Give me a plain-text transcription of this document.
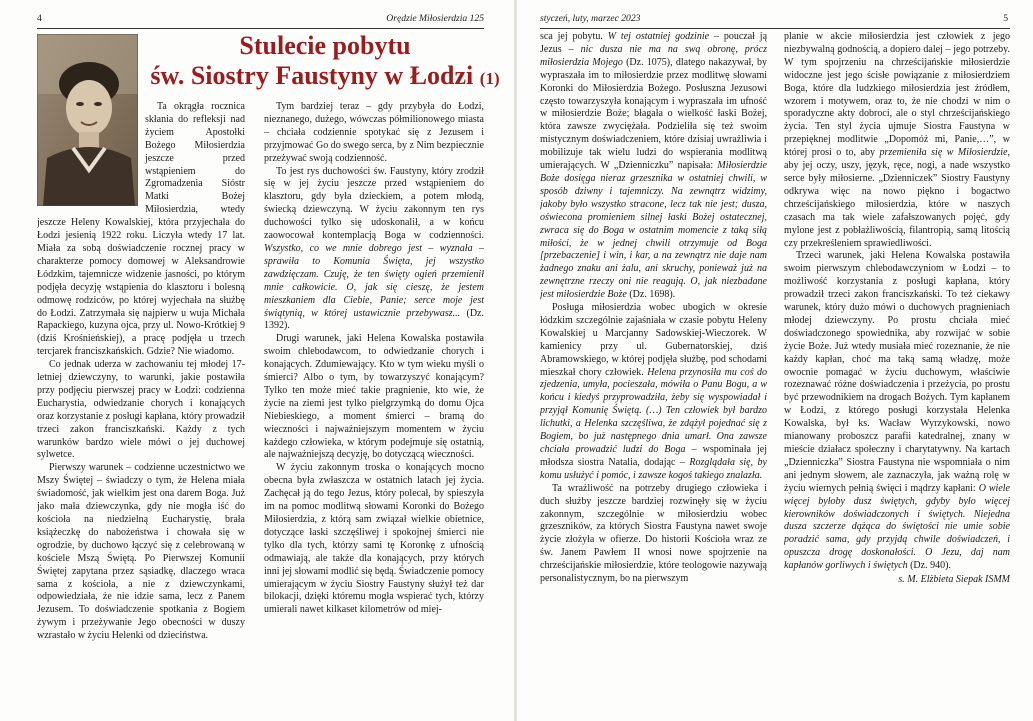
4	Orędzie Miłosierdzia 125
Stulecie pobytu
św. Siostry Faustyny w Łodzi (1)

Ta okrągła rocznica skłania do refleksji nad życiem Apostołki Bożego Miłosierdzia jeszcze przed wstąpieniem do Zgromadzenia Sióstr Matki Bożej Miłosierdzia, wtedy jeszcze Heleny Kowalskiej, która przyjechała do Łodzi jesienią 1922 roku. Liczyła wtedy 17 lat. Miała za sobą doświadczenie rocznej pracy w charakterze pomocy domowej w Aleksandrowie Łódzkim, tajemnicze widzenie jasności, po którym podjęła decyzję wstąpienia do klasztoru i bolesną odmowę rodziców, po której wyjechała na służbę do Łodzi. Zatrzymała się najpierw u wuja Michała Rapackiego, kuzyna ojca, przy ul. Nowo-Krótkiej 9 (dziś Krośnieńskiej), a pracę podjęła u trzech tercjarek franciszkańskich. Gdzie? Nie wiadomo.

Co jednak uderza w zachowaniu tej młodej 17-letniej dziewczyny, to warunki, jakie postawiła przy podjęciu pierwszej pracy w Łodzi: codzienna Eucharystia, odwiedzanie chorych i konających oraz korzystanie z posługi kapłana, który prowadził trzeci zakon franciszkański. Każdy z tych warunków bardzo wiele mówi o jej duchowej sylwetce.

Pierwszy warunek – codzienne uczestnictwo we Mszy Świętej – świadczy o tym, że Helena miała świadomość, jak wielkim jest ona darem Boga. Już jako mała dziewczynka, gdy nie mogła iść do kościoła na niedzielną Eucharystię, brała książeczkę do nabożeństwa i chowała się w ogrodzie, by duchowo łączyć się z celebrowaną w kościele Mszą Świętą. Po Pierwszej Komunii Świętej zapytana przez sąsiadkę, dlaczego wraca sama z kościoła, a nie z dziewczynkami, odpowiedziała, że nie idzie sama, lecz z Panem Jezusem. To doświadczenie spotkania z Bogiem żywym i przeżywanie Jego obecności w duszy wzrastało w życiu Helenki od dzieciństwa.

Tym bardziej teraz – gdy przybyła do Łodzi, nieznanego, dużego, wówczas półmilionowego miasta – chciała codziennie spotykać się z Jezusem i przyjmować Go do swego serca, by z Nim bezpiecznie przeżywać swoją codzienność.

To jest rys duchowości św. Faustyny, który zrodził się w jej życiu jeszcze przed wstąpieniem do klasztoru, gdy była dzieckiem, a potem młodą, świecką dziewczyną. W życiu zakonnym ten rys duchowości tylko się udoskonalił, a w końcu zaowocował kontemplacją Boga w codzienności. Wszystko, co we mnie dobrego jest – wyznała – sprawiła to Komunia Święta, jej wszystko zawdzięczam. Czuję, że ten święty ogień przemienił mnie całkowicie. O, jak się cieszę, że jestem mieszkaniem dla Ciebie, Panie; serce moje jest świątynią, w której ustawicznie przebywasz... (Dz. 1392).

Drugi warunek, jaki Helena Kowalska postawiła swoim chlebodawcom, to odwiedzanie chorych i konających. Zdumiewający. Kto w tym wieku myśli o śmierci? Albo o tym, by towarzyszyć konającym? Tylko ten może mieć takie pragnienie, kto wie, że życie na ziemi jest tylko pielgrzymką do domu Ojca Niebieskiego, a moment śmierci – bramą do wieczności i najważniejszym momentem w życiu każdego człowieka, w którym podejmuje się ostatnią, ale najważniejszą decyzję, bo dotyczącą wieczności.

W życiu zakonnym troska o konających mocno obecna była zwłaszcza w ostatnich latach jej życia. Zachęcał ją do tego Jezus, który polecał, by spieszyła im na pomoc modlitwą słowami Koronki do Bożego Miłosierdzia, z którą sam związał wielkie obietnice, dotyczące łaski szczęśliwej i spokojnej śmierci nie tylko dla tych, którzy sami tę Koronkę z ufnością odmawiają, ale także dla konających, przy których inni jej słowami modlić się będą. Świadczenie pomocy umierającym w życiu Siostry Faustyny służył też dar bilokacji, dzięki któremu mogła wspierać tych, którzy umierali nawet kilkaset kilometrów od miej-

styczeń, luty, marzec 2023	5

sca jej pobytu. W tej ostatniej godzinie – pouczał ją Jezus – nic dusza nie ma na swą obronę, prócz miłosierdzia Mojego (Dz. 1075), dlatego nakazywał, by wypraszała im to miłosierdzie przez modlitwę słowami Koronki do Miłosierdzia Bożego. Posłuszna Jezusowi często towarzyszyła konającym i wypraszała im ufność w miłosierdzie Boże; błagała o wielkość łaski Bożej, która zawsze zwyciężała. Podzieliła się też swoim mistycznym doświadczeniem, które dzisiaj uwrażliwia i mobilizuje tak wielu ludzi do wspierania modlitwą umierających. W „Dzienniczku” napisała: Miłosierdzie Boże dosięga nieraz grzesznika w ostatniej chwili, w sposób dziwny i tajemniczy. Na zewnątrz widzimy, jakoby było wszystko stracone, lecz tak nie jest; dusza, oświecona promieniem silnej łaski Bożej ostatecznej, zwraca się do Boga w ostatnim momencie z taką siłą miłości, że w jednej chwili otrzymuje od Boga [przebaczenie] i win, i kar, a na zewnątrz nie daje nam żadnego znaku ani żalu, ani skruchy, ponieważ już na zewnętrzne rzeczy oni nie reagują. O, jak niezbadane jest miłosierdzie Boże (Dz. 1698).

Posługa miłosierdzia wobec ubogich w okresie łódzkim szczególnie zajaśniała w czasie pobytu Heleny Kowalskiej u Marcjanny Sadowskiej-Wieczorek. W kamienicy przy ul. Gubernatorskiej, dziś Abramowskiego, w której podjęła służbę, pod schodami mieszkał chory człowiek. Helena przynosiła mu coś do zjedzenia, umyła, pocieszała, mówiła o Panu Bogu, a w końcu i kiedyś przyprowadziła, żeby się wyspowiadał i przyjął Komunię Świętą. (…) Ten człowiek był bardzo lichutki, a Helenka szczęśliwa, że zdążył pojednać się z Bogiem, bo już następnego dnia umarł. Ona zawsze chciała prowadzić ludzi do Boga – wspominała jej młodsza siostra Natalia, dodając – Rozglądała się, by komu usłużyć i pomóc, i zawsze kogoś takiego znalazła.

Ta wrażliwość na potrzeby drugiego człowieka i duch służby jeszcze bardziej rozwinęły się w życiu zakonnym, szczególnie w miłosierdziu wobec grzeszników, za których Siostra Faustyna nawet swoje życie złożyła w ofierze. Do historii Kościoła wraz ze św. Janem Pawłem II wnosi nowe spojrzenie na chrześcijańskie miłosierdzie, które teologowie nazywają personalistycznym, bo na pierwszym

planie w akcie miłosierdzia jest człowiek z jego niezbywalną godnością, a dopiero dalej – jego potrzeby. W tym spojrzeniu na chrześcijańskie miłosierdzie widoczne jest jego ścisłe powiązanie z miłosierdziem Boga, które dla ludzkiego miłosierdzia jest źródłem, wzorem i motywem, oraz to, że nie chodzi w nim o sporadyczne akty dobroci, ale o styl chrześcijańskiego życia. Ten styl życia ujmuje Siostra Faustyna w przepięknej modlitwie „Dopomóż mi, Panie,…”, w której prosi o to, aby przemieniła się w Miłosierdzie, aby jej oczy, uszy, język, ręce, nogi, a nade wszystko serce były miłosierne. „Dzienniczek” Siostry Faustyny odkrywa więc na nowo piękno i bogactwo chrześcijańskiego miłosierdzia, które w naszych czasach ma tak wiele zafałszowanych pojęć, gdy mylone jest z pobłażliwością, filantropią, samą litością czy przekreśleniem sprawiedliwości.

Trzeci warunek, jaki Helena Kowalska postawiła swoim pierwszym chlebodawczyniom w Łodzi – to możliwość korzystania z posługi kapłana, który prowadził trzeci zakon franciszkański. To też ciekawy warunek, który dużo mówi o duchowych pragnieniach młodej dziewczyny. Po prostu chciała mieć doświadczonego spowiednika, aby rozwijać w sobie życie Boże. Już wtedy musiała mieć rozeznanie, że nie każdy kapłan, choć ma taką samą władzę, może owocnie pomagać w życiu duchowym, właściwie rozeznawać różne doświadczenia i przeżycia, po prostu być przewodnikiem na drogach Bożych. Tym kapłanem w Łodzi, z którego posługi korzystała Helenka Kowalska, był ks. Wacław Wyrzykowski, nowo mianowany proboszcz parafii katedralnej, znany w mieście działacz społeczny i charytatywny. Na kartach „Dzienniczka” Siostra Faustyna nie wspomniała o nim ani jednym słowem, ale zaznaczyła, jak ważną rolę w życiu wiernych pełnią święci i mądrzy kapłani: O wiele więcej byłoby dusz świętych, gdyby było więcej kierowników doświadczonych i świętych. Niejedna dusza szczerze dążąca do świętości nie umie sobie poradzić sama, gdy przyjdą chwile doświadczeń, i opuszcza drogę doskonałości. O Jezu, daj nam kapłanów gorliwych i świętych (Dz. 940).

s. M. Elżbieta Siepak ISMM
